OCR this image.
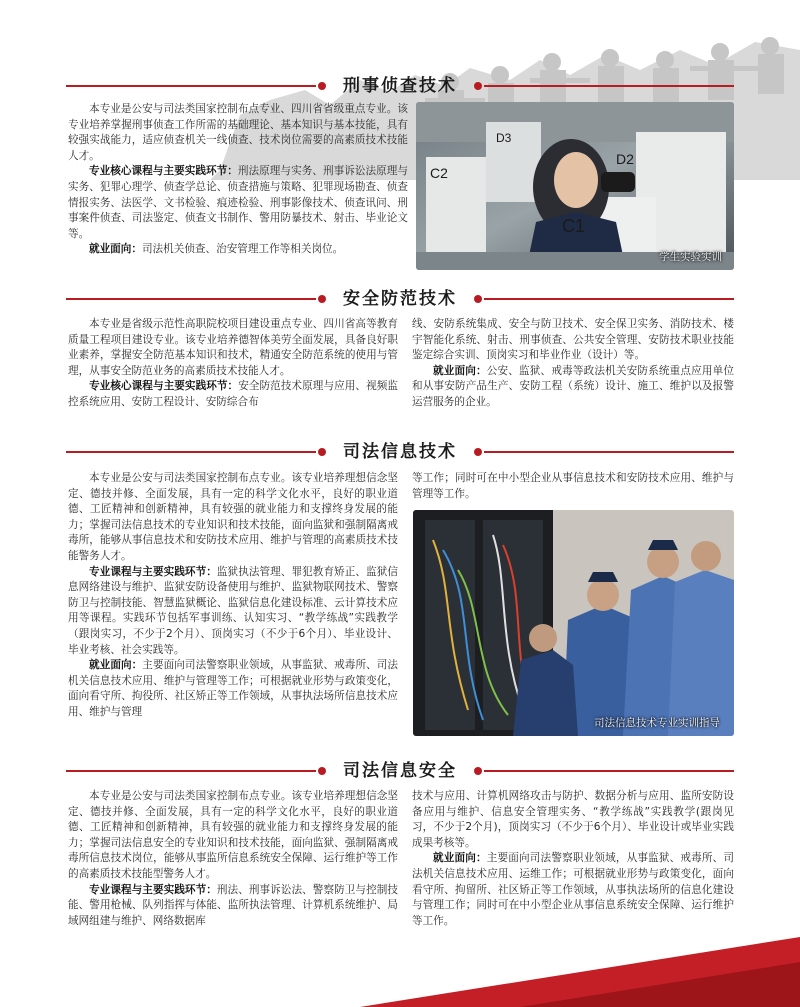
刑事侦查技术

本专业是公安与司法类国家控制布点专业、四川省省级重点专业。该专业培养掌握刑事侦查工作所需的基础理论、基本知识与基本技能，具有较强实战能力，适应侦查机关一线侦查、技术岗位需要的高素质技术技能人才。

专业核心课程与主要实践环节：刑法原理与实务、刑事诉讼法原理与实务、犯罪心理学、侦查学总论、侦查措施与策略、犯罪现场勘查、侦查情报实务、法医学、文书检验、痕迹检验、刑事影像技术、侦查讯问、刑事案件侦查、司法鉴定、侦查文书制作、警用防暴技术、射击、毕业论文等。

就业面向：司法机关侦查、治安管理工作等相关岗位。

D3
C2
D2
C1
学生实验实训
安全防范技术

本专业是省级示范性高职院校项目建设重点专业、四川省高等教育质量工程项目建设专业。该专业培养德智体美劳全面发展，具备良好职业素养，掌握安全防范基本知识和技术，精通安全防范系统的使用与管理，从事安全防范业务的高素质技术技能人才。

专业核心课程与主要实践环节：安全防范技术原理与应用、视频监控系统应用、安防工程设计、安防综合布

线、安防系统集成、安全与防卫技术、安全保卫实务、消防技术、楼宇智能化系统、射击、刑事侦查、公共安全管理、安防技术职业技能鉴定综合实训、顶岗实习和毕业作业（设计）等。

就业面向：公安、监狱、戒毒等政法机关安防系统重点应用单位和从事安防产品生产、安防工程（系统）设计、施工、维护以及报警运营服务的企业。

司法信息技术

本专业是公安与司法类国家控制布点专业。该专业培养理想信念坚定、德技并修、全面发展，具有一定的科学文化水平，良好的职业道德、工匠精神和创新精神，具有较强的就业能力和支撑终身发展的能力；掌握司法信息技术的专业知识和技术技能，面向监狱和强制隔离戒毒所，能够从事信息技术和安防技术应用、维护与管理的高素质技术技能警务人才。

专业课程与主要实践环节：监狱执法管理、罪犯教育矫正、监狱信息网络建设与维护、监狱安防设备使用与维护、监狱物联网技术、警察防卫与控制技能、智慧监狱概论、监狱信息化建设标准、云计算技术应用等课程。实践环节包括军事训练、认知实习、“教学练战”实践教学（跟岗实习，不少于2个月）、顶岗实习（不少于6个月）、毕业设计、毕业考核、社会实践等。

就业面向：主要面向司法警察职业领域，从事监狱、戒毒所、司法机关信息技术应用、维护与管理等工作；可根据就业形势与政策变化，面向看守所、拘役所、社区矫正等工作领域，从事执法场所信息技术应用、维护与管理

等工作；同时可在中小型企业从事信息技术和安防技术应用、维护与管理等工作。

司法信息技术专业实训指导
司法信息安全

本专业是公安与司法类国家控制布点专业。该专业培养理想信念坚定、德技并修、全面发展，具有一定的科学文化水平，良好的职业道德、工匠精神和创新精神，具有较强的就业能力和支撑终身发展的能力；掌握司法信息安全的专业知识和技术技能，面向监狱、强制隔离戒毒所信息技术岗位，能够从事监所信息系统安全保障、运行维护等工作的高素质技术技能型警务人才。

专业课程与主要实践环节：刑法、刑事诉讼法、警察防卫与控制技能、警用枪械、队列指挥与体能、监所执法管理、计算机系统维护、局域网组建与维护、网络数据库

技术与应用、计算机网络攻击与防护、数据分析与应用、监所安防设备应用与维护、信息安全管理实务、“教学练战”实践教学(跟岗见习，不少于2个月)，顶岗实习（不少于6个月）、毕业设计或毕业实践成果考核等。

就业面向：主要面向司法警察职业领域，从事监狱、戒毒所、司法机关信息技术应用、运维工作；可根据就业形势与政策变化，面向看守所、拘留所、社区矫正等工作领域，从事执法场所的信息化建设与管理工作；同时可在中小型企业从事信息系统安全保障、运行维护等工作。
